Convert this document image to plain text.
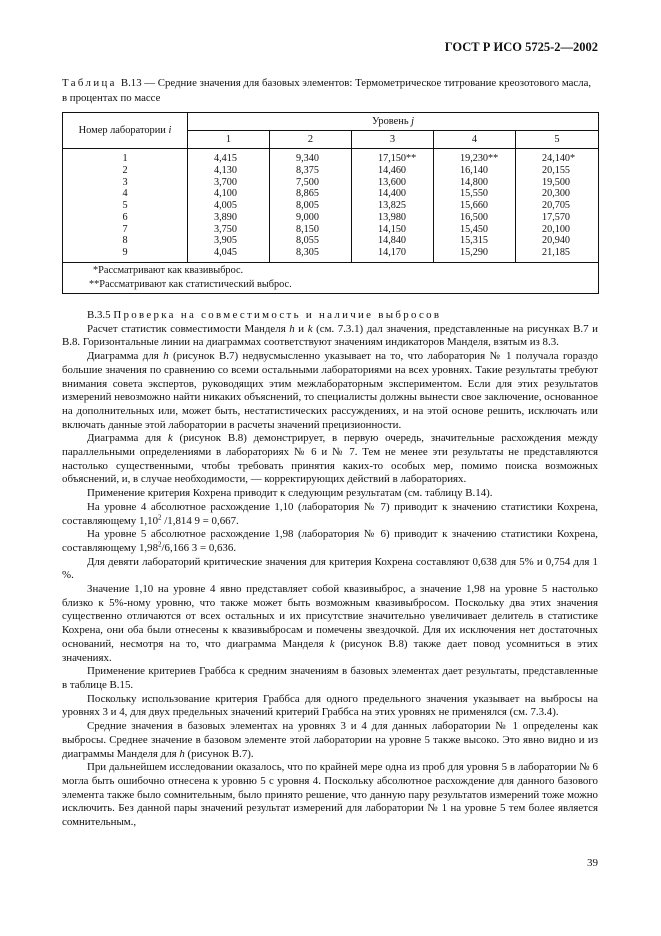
ГОСТ Р ИСО 5725-2—2002
Таблица В.13 — Средние значения для базовых элементов: Термометрическое титрование креозотового масла, в процентах по массе
Номер лаборатории i	Уровень j				
	1	2	3	4	5
1	4,415	9,340	17,150**	19,230**	24,140*
2	4,130	8,375	14,460	16,140	20,155
3	3,700	7,500	13,600	14,800	19,500
4	4,100	8,865	14,400	15,550	20,300
5	4,005	8,005	13,825	15,660	20,705
6	3,890	9,000	13,980	16,500	17,570
7	3,750	8,150	14,150	15,450	20,100
8	3,905	8,055	14,840	15,315	20,940
9	4,045	8,305	14,170	15,290	21,185

*Рассматривают как квазивыброс.
**Рассматривают как статистический выброс.					

В.3.5 Проверка на совместимость и наличие выбросов

Расчет статистик совместимости Манделя h и k (см. 7.3.1) дал значения, представленные на рисунках В.7 и В.8. Горизонтальные линии на диаграммах соответствуют значениям индикаторов Манделя, взятым из 8.3.

Диаграмма для h (рисунок В.7) недвусмысленно указывает на то, что лаборатория № 1 получала гораздо большие значения по сравнению со всеми остальными лабораториями на всех уровнях. Такие результаты требуют внимания совета экспертов, руководящих этим межлабораторным экспериментом. Если для этих результатов измерений невозможно найти никаких объяснений, то специалисты должны вынести свое заключение, основанное на дополнительных или, может быть, нестатистических рассуждениях, и на этой основе решить, исключать или включать данные этой лаборатории в расчеты значений прецизионности.

Диаграмма для k (рисунок В.8) демонстрирует, в первую очередь, значительные расхождения между параллельными определениями в лабораториях № 6 и № 7. Тем не менее эти результаты не представляются настолько существенными, чтобы требовать принятия каких-то особых мер, помимо поиска возможных объяснений, и, в случае необходимости, — корректирующих действий в лабораториях.

Применение критерия Кохрена приводит к следующим результатам (см. таблицу В.14).

На уровне 4 абсолютное расхождение 1,10 (лаборатория № 7) приводит к значению статистики Кохрена, составляющему 1,10$^2$ /1,814 9 = 0,667.

На уровне 5 абсолютное расхождение 1,98 (лаборатория № 6) приводит к значению статистики Кохрена, составляющему 1,98$^2$/6,166 3 = 0,636.

Для девяти лабораторий критические значения для критерия Кохрена составляют 0,638 для 5% и 0,754 для 1 %.

Значение 1,10 на уровне 4 явно представляет собой квазивыброс, а значение 1,98 на уровне 5 настолько близко к 5%-ному уровню, что также может быть возможным квазивыбросом. Поскольку два этих значения существенно отличаются от всех остальных и их присутствие значительно увеличивает делитель в статистике Кохрена, они оба были отнесены к квазивыбросам и помечены звездочкой. Для их исключения нет достаточных оснований, несмотря на то, что диаграмма Манделя k (рисунок В.8) также дает повод усомниться в этих значениях.

Применение критериев Граббса к средним значениям в базовых элементах дает результаты, представленные в таблице В.15.

Поскольку использование критерия Граббса для одного предельного значения указывает на выбросы на уровнях 3 и 4, для двух предельных значений критерий Граббса на этих уровнях не применялся (см. 7.3.4).

Средние значения в базовых элементах на уровнях 3 и 4 для данных лаборатории № 1 определены как выбросы. Среднее значение в базовом элементе этой лаборатории на уровне 5 также высоко. Это явно видно и из диаграммы Манделя для h (рисунок В.7).

При дальнейшем исследовании оказалось, что по крайней мере одна из проб для уровня 5 в лаборатории № 6 могла быть ошибочно отнесена к уровню 5 с уровня 4. Поскольку абсолютное расхождение для данного базового элемента также было сомнительным, было принято решение, что данную пару результатов измерений тоже можно исключить. Без данной пары значений результат измерений для лаборатории № 1 на уровне 5 тем более является сомнительным.,

39
